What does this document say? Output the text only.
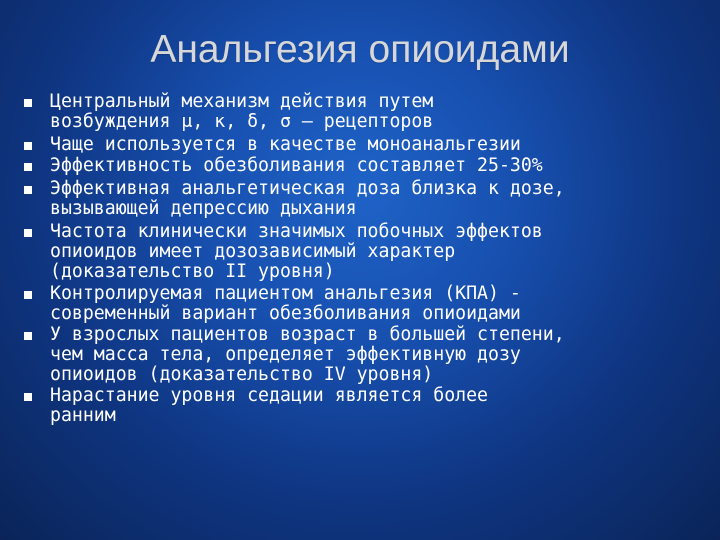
Анальгезия опиоидами
Центральный механизм действия путем
возбуждения μ, κ, δ, σ – рецепторов
Чаще используется в качестве моноанальгезии
Эффективность обезболивания составляет 25-30%
Эффективная анальгетическая доза близка к дозе,
вызывающей депрессию дыхания
Частота клинически значимых побочных эффектов
опиоидов имеет дозозависимый характер
(доказательство II уровня)
Контролируемая пациентом анальгезия (КПА) -
современный вариант обезболивания опиоидами
У взрослых пациентов возраст в большей степени,
чем масса тела, определяет эффективную дозу
опиоидов (доказательство IV уровня)
Нарастание уровня седации является более
ранним
